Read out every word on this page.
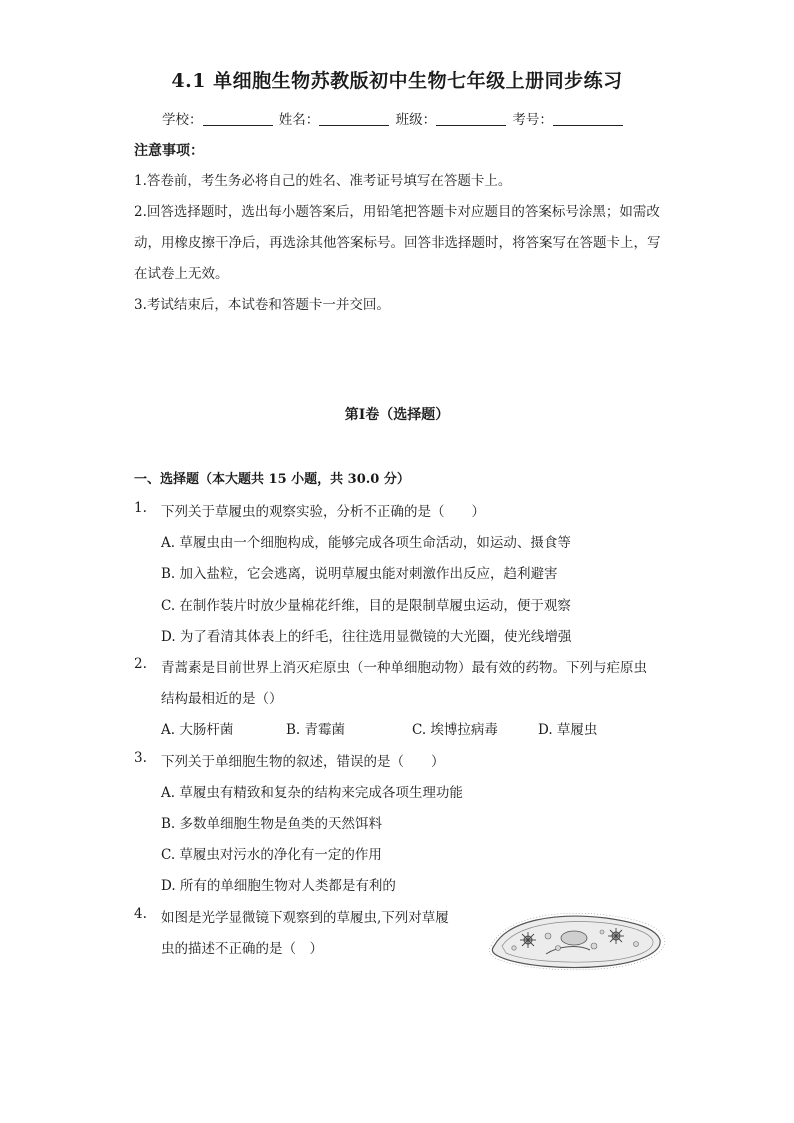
4.1 单细胞生物苏教版初中生物七年级上册同步练习
学校：	姓名：	班级：	考号：
注意事项：
1.答卷前，考生务必将自己的姓名、准考证号填写在答题卡上。
2.回答选择题时，选出每小题答案后，用铅笔把答题卡对应题目的答案标号涂黑；如需改动，用橡皮擦干净后，再选涂其他答案标号。回答非选择题时，将答案写在答题卡上，写在试卷上无效。
3.考试结束后，本试卷和答题卡一并交回。
第I卷（选择题）
一、选择题（本大题共 15 小题，共 30.0 分）
1. 下列关于草履虫的观察实验，分析不正确的是（　　）
A. 草履虫由一个细胞构成，能够完成各项生命活动，如运动、摄食等
B. 加入盐粒，它会逃离，说明草履虫能对刺激作出反应，趋利避害
C. 在制作装片时放少量棉花纤维，目的是限制草履虫运动，便于观察
D. 为了看清其体表上的纤毛，往往选用显微镜的大光圈，使光线增强
2. 青蒿素是目前世界上消灭疟原虫（一种单细胞动物）最有效的药物。下列与疟原虫
结构最相近的是（）
A. 大肠杆菌	B. 青霉菌	C. 埃博拉病毒	D. 草履虫
3. 下列关于单细胞生物的叙述，错误的是（　　）
A. 草履虫有精致和复杂的结构来完成各项生理功能
B. 多数单细胞生物是鱼类的天然饵料
C. 草履虫对污水的净化有一定的作用
D. 所有的单细胞生物对人类都是有利的
4. 如图是光学显微镜下观察到的草履虫,下列对草履
虫的描述不正确的是（　）
